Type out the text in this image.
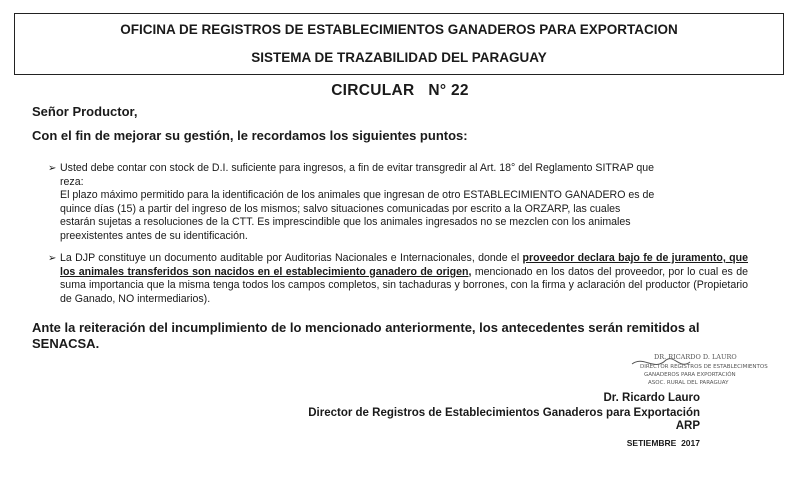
OFICINA DE REGISTROS DE ESTABLECIMIENTOS GANADEROS PARA EXPORTACION
SISTEMA DE TRAZABILIDAD DEL PARAGUAY
CIRCULAR   N° 22
Señor Productor,
Con el fin de mejorar su gestión, le recordamos los siguientes puntos:
➢ Usted debe contar con stock de D.I. suficiente para ingresos, a fin de evitar transgredir al Art. 18° del Reglamento SITRAP que
reza:
El plazo máximo permitido para la identificación de los animales que ingresan de otro ESTABLECIMIENTO GANADERO es de
quince días (15) a partir del ingreso de los mismos; salvo situaciones comunicadas por escrito a la ORZARP, las cuales
estarán sujetas a resoluciones de la CTT. Es imprescindible que los animales ingresados no se mezclen con los animales
preexistentes antes de su identificación.
➢ La DJP constituye un documento auditable por Auditorias Nacionales e Internacionales, donde el proveedor declara bajo fe de juramento, que los animales transferidos son nacidos en el establecimiento ganadero de origen, mencionado en los datos del proveedor, por lo cual es de suma importancia que la misma tenga todos los campos completos, sin tachaduras y borrones, con la firma y aclaración del productor (Propietario de Ganado, NO intermediarios).
Ante la reiteración del incumplimiento de lo mencionado anteriormente, los antecedentes serán remitidos al SENACSA.
DR. RICARDO D. LAURO
DIRECTOR REGISTROS DE ESTABLECIMIENTOS
GANADEROS PARA EXPORTACIÓN
ASOC. RURAL DEL PARAGUAY
Dr. Ricardo Lauro
Director de Registros de Establecimientos Ganaderos para Exportación
ARP
SETIEMBRE  2017
